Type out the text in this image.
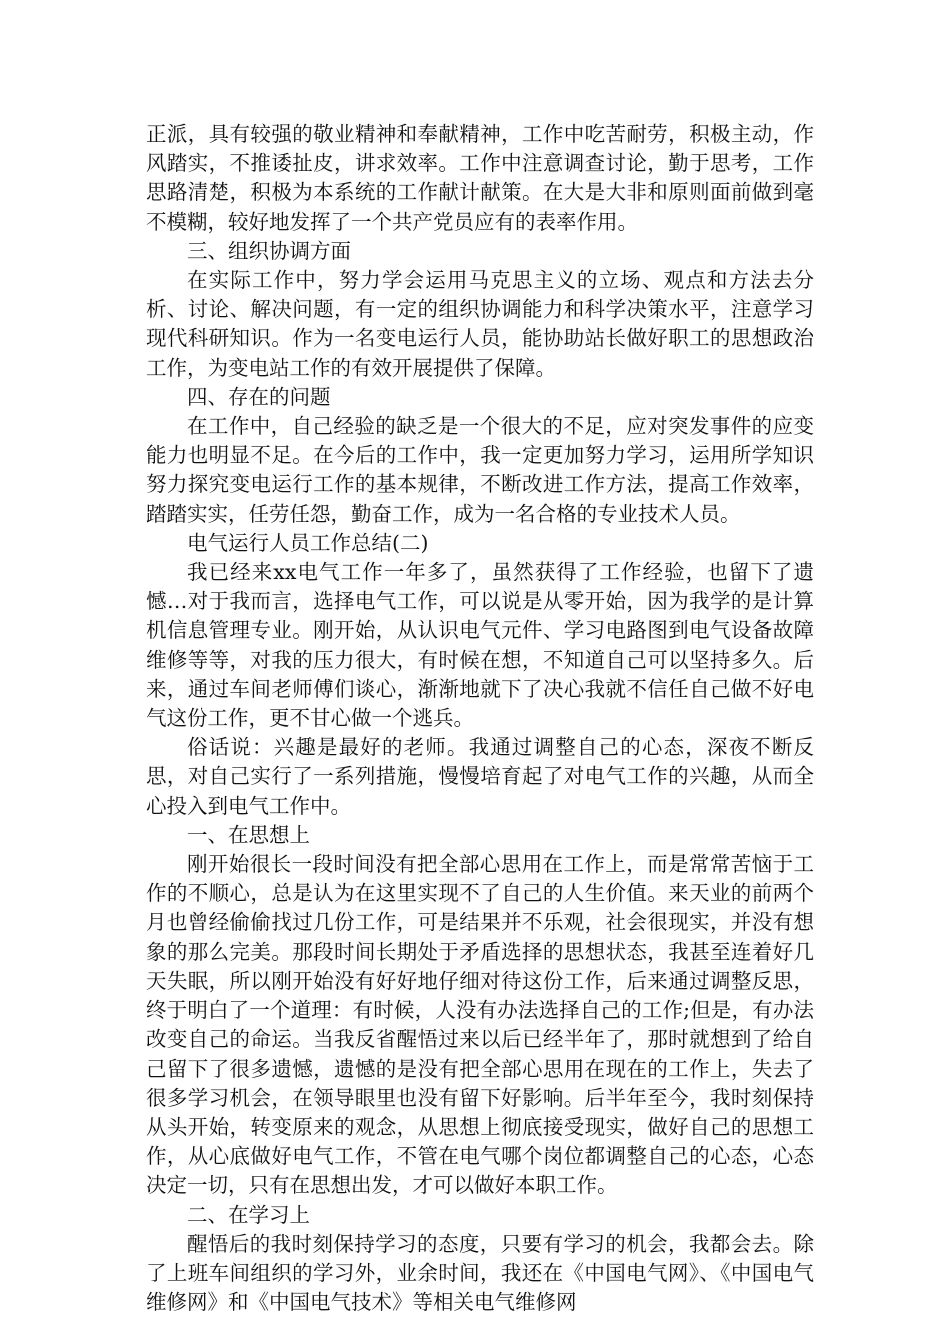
正派，具有较强的敬业精神和奉献精神，工作中吃苦耐劳，积极主动，作风踏实，不推诿扯皮，讲求效率。工作中注意调查讨论，勤于思考，工作思路清楚，积极为本系统的工作献计献策。在大是大非和原则面前做到毫不模糊，较好地发挥了一个共产党员应有的表率作用。

三、组织协调方面

在实际工作中，努力学会运用马克思主义的立场、观点和方法去分析、讨论、解决问题，有一定的组织协调能力和科学决策水平，注意学习现代科研知识。作为一名变电运行人员，能协助站长做好职工的思想政治工作，为变电站工作的有效开展提供了保障。

四、存在的问题

在工作中，自己经验的缺乏是一个很大的不足，应对突发事件的应变能力也明显不足。在今后的工作中，我一定更加努力学习，运用所学知识努力探究变电运行工作的基本规律，不断改进工作方法，提高工作效率，踏踏实实，任劳任怨，勤奋工作，成为一名合格的专业技术人员。

电气运行人员工作总结(二)

我已经来xx电气工作一年多了，虽然获得了工作经验，也留下了遗憾…对于我而言，选择电气工作，可以说是从零开始，因为我学的是计算机信息管理专业。刚开始，从认识电气元件、学习电路图到电气设备故障维修等等，对我的压力很大，有时候在想，不知道自己可以坚持多久。后来，通过车间老师傅们谈心，渐渐地就下了决心我就不信任自己做不好电气这份工作，更不甘心做一个逃兵。

俗话说：兴趣是最好的老师。我通过调整自己的心态，深夜不断反思，对自己实行了一系列措施，慢慢培育起了对电气工作的兴趣，从而全心投入到电气工作中。

一、在思想上

刚开始很长一段时间没有把全部心思用在工作上，而是常常苦恼于工作的不顺心，总是认为在这里实现不了自己的人生价值。来天业的前两个月也曾经偷偷找过几份工作，可是结果并不乐观，社会很现实，并没有想象的那么完美。那段时间长期处于矛盾选择的思想状态，我甚至连着好几天失眠，所以刚开始没有好好地仔细对待这份工作，后来通过调整反思，终于明白了一个道理：有时候，人没有办法选择自己的工作;但是，有办法改变自己的命运。当我反省醒悟过来以后已经半年了，那时就想到了给自己留下了很多遗憾，遗憾的是没有把全部心思用在现在的工作上，失去了很多学习机会，在领导眼里也没有留下好影响。后半年至今，我时刻保持从头开始，转变原来的观念，从思想上彻底接受现实，做好自己的思想工作，从心底做好电气工作，不管在电气哪个岗位都调整自己的心态，心态决定一切，只有在思想出发，才可以做好本职工作。

二、在学习上

醒悟后的我时刻保持学习的态度，只要有学习的机会，我都会去。除了上班车间组织的学习外，业余时间，我还在《中国电气网》、《中国电气维修网》和《中国电气技术》等相关电气维修网
